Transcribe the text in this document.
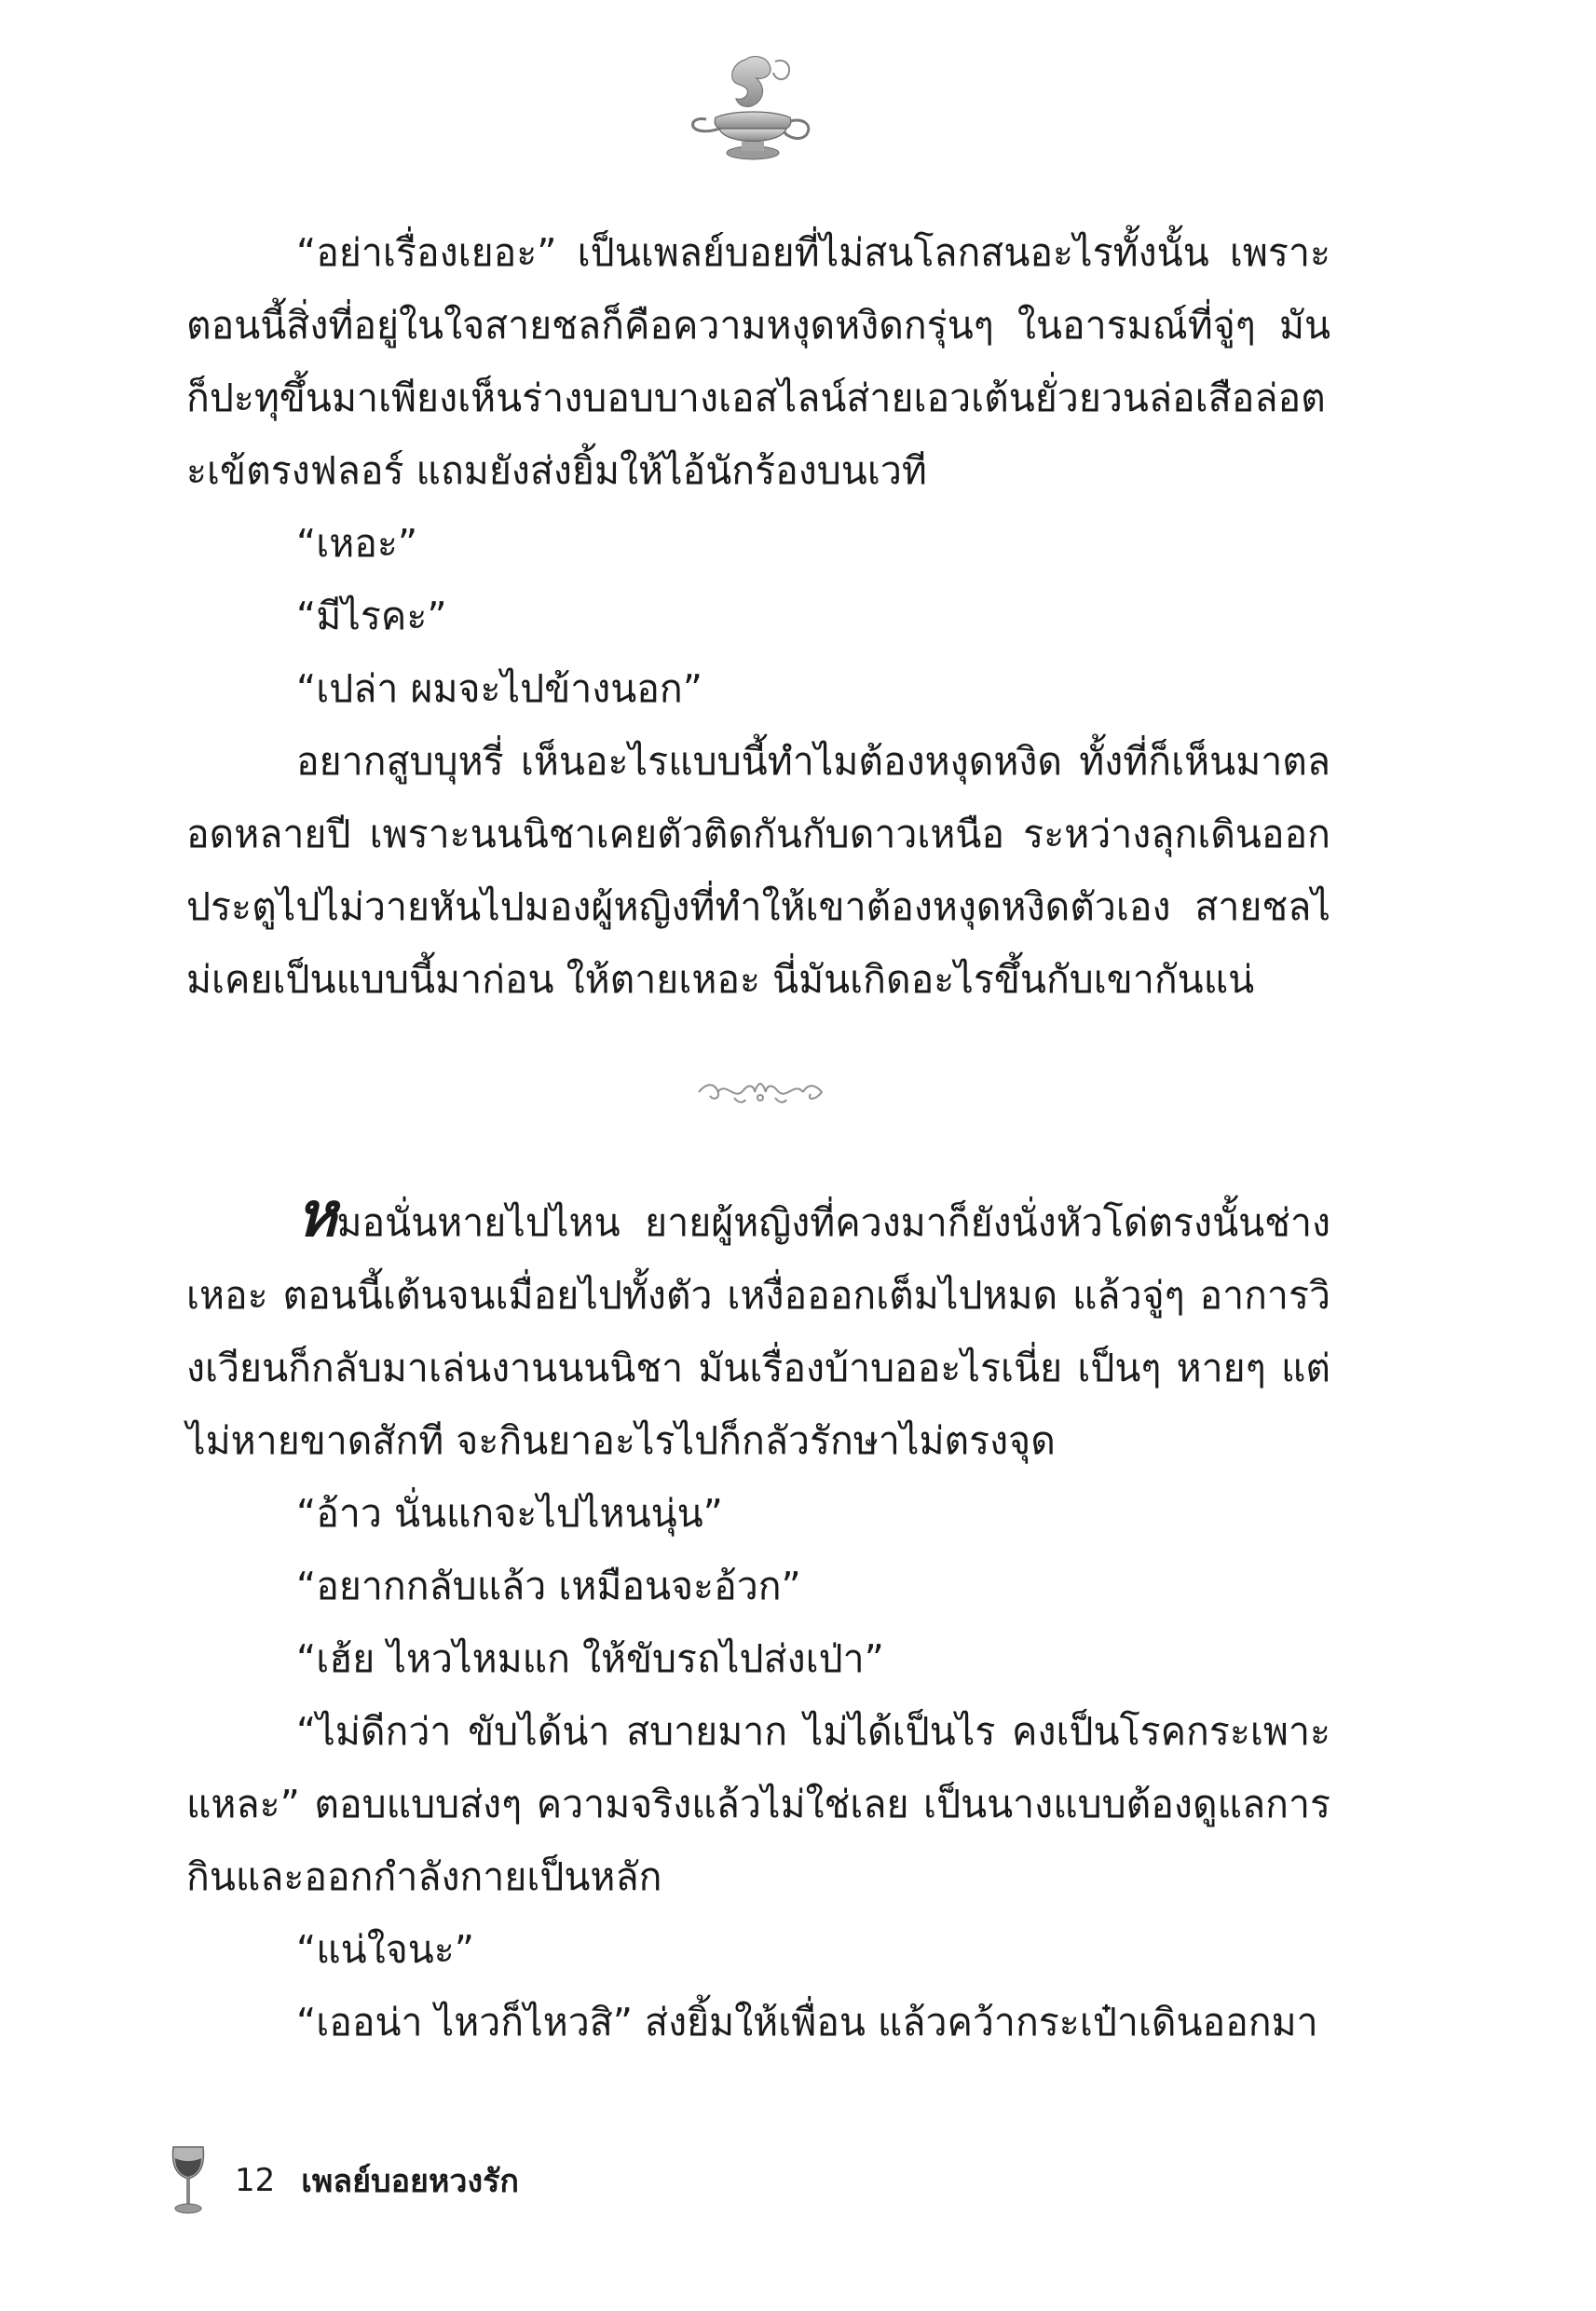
“อย่าเรื่องเยอะ” เป็นเพลย์บอยที่ไม่สนโลกสนอะไรทั้งนั้น เพราะตอนนี้สิ่งที่อยู่ในใจสายชลก็คือความหงุดหงิดกรุ่นๆ ในอารมณ์ที่จู่ๆ มันก็ปะทุขึ้นมาเพียงเห็นร่างบอบบางเอสไลน์ส่ายเอวเต้นยั่วยวนล่อเสือล่อตะเข้ตรงฟลอร์ แถมยังส่งยิ้มให้ไอ้นักร้องบนเวที

“เหอะ”

“มีไรคะ”

“เปล่า ผมจะไปข้างนอก”

อยากสูบบุหรี่ เห็นอะไรแบบนี้ทำไมต้องหงุดหงิด ทั้งที่ก็เห็นมาตลอดหลายปี เพราะนนนิชาเคยตัวติดกันกับดาวเหนือ ระหว่างลุกเดินออกประตูไปไม่วายหันไปมองผู้หญิงที่ทำให้เขาต้องหงุดหงิดตัวเอง สายชลไม่เคยเป็นแบบนี้มาก่อน ให้ตายเหอะ นี่มันเกิดอะไรขึ้นกับเขากันแน่

หมอนั่นหายไปไหน ยายผู้หญิงที่ควงมาก็ยังนั่งหัวโด่ตรงนั้นช่างเหอะ ตอนนี้เต้นจนเมื่อยไปทั้งตัว เหงื่อออกเต็มไปหมด แล้วจู่ๆ อาการวิงเวียนก็กลับมาเล่นงานนนนิชา มันเรื่องบ้าบออะไรเนี่ย เป็นๆ หายๆ แต่ไม่หายขาดสักที จะกินยาอะไรไปก็กลัวรักษาไม่ตรงจุด

“อ้าว นั่นแกจะไปไหนนุ่น”

“อยากกลับแล้ว เหมือนจะอ้วก”

“เฮ้ย ไหวไหมแก ให้ขับรถไปส่งเป่า”

“ไม่ดีกว่า ขับได้น่า สบายมาก ไม่ได้เป็นไร คงเป็นโรคกระเพาะแหละ” ตอบแบบส่งๆ ความจริงแล้วไม่ใช่เลย เป็นนางแบบต้องดูแลการกินและออกกำลังกายเป็นหลัก

“แน่ใจนะ”

“เออน่า ไหวก็ไหวสิ” ส่งยิ้มให้เพื่อน แล้วคว้ากระเป๋าเดินออกมา

12 เพลย์บอยหวงรัก
